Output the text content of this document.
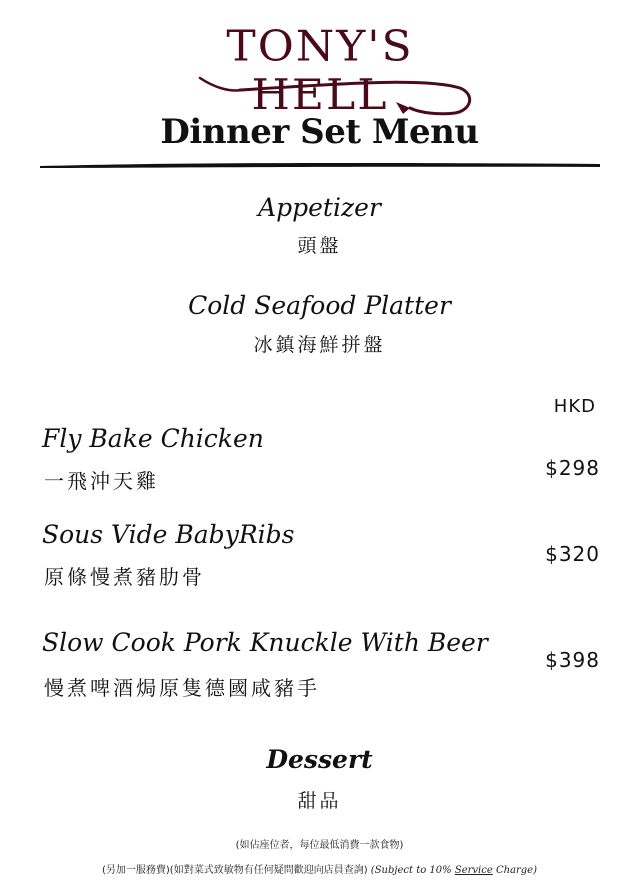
TONY'S HELL
Dinner Set Menu
Appetizer
頭盤
Cold Seafood Platter
冰鎮海鮮拼盤
HKD
Fly Bake Chicken
一飛沖天雞
$298
Sous Vide BabyRibs
原條慢煮豬肋骨
$320
Slow Cook Pork Knuckle With Beer
慢煮啤酒焗原隻德國咸豬手
$398
Dessert
甜品
(如佔座位者，每位最低消費一款食物)
(另加一服務費)(如對菜式致敏物有任何疑問歡迎向店員查詢) (Subject to 10% Service Charge)
